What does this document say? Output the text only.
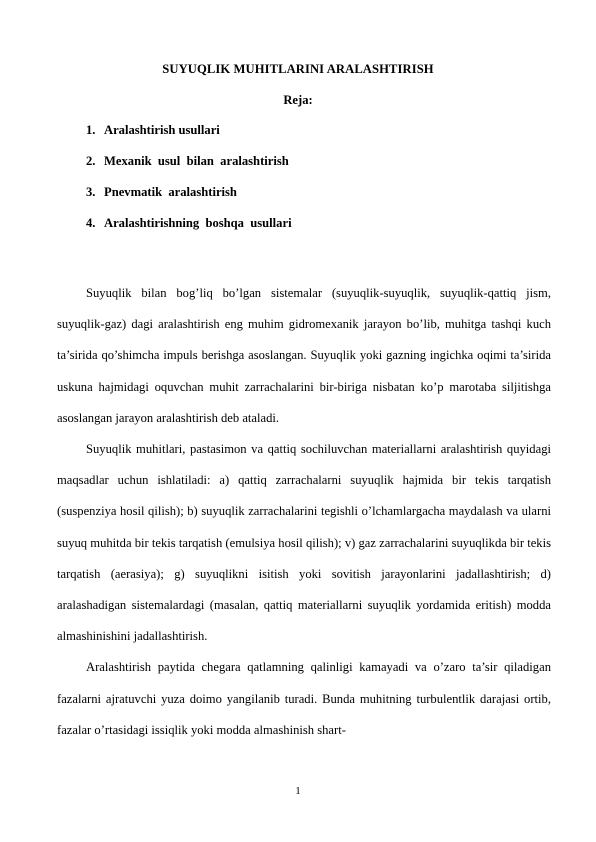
SUYUQLIK MUHITLARINI ARALASHTIRISH
Reja:
1. Aralashtirish usullari
2. Mexanik  usul  bilan  aralashtirish
3. Pnevmatik  aralashtirish
4. Aralashtirishning  boshqa  usullari

Suyuqlik bilan bog’liq bo’lgan sistemalar (suyuqlik-suyuqlik, suyuqlik-qattiq jism, suyuqlik-gaz) dagi aralashtirish eng muhim gidromexanik jarayon bo’lib, muhitga tashqi kuch ta’sirida qo’shimcha impuls berishga asoslangan. Suyuqlik yoki gazning ingichka oqimi ta’sirida uskuna hajmidagi oquvchan muhit zarrachalarini bir-biriga nisbatan ko’p marotaba siljitishga asoslangan jarayon aralashtirish deb ataladi.

Suyuqlik muhitlari, pastasimon va qattiq sochiluvchan materiallarni aralashtirish quyidagi maqsadlar uchun ishlatiladi: a) qattiq zarrachalarni suyuqlik hajmida bir tekis tarqatish (suspenziya hosil qilish); b) suyuqlik zarrachalarini tegishli o’lchamlargacha maydalash va ularni suyuq muhitda bir tekis tarqatish (emulsiya hosil qilish); v) gaz zarrachalarini suyuqlikda bir tekis tarqatish (aerasiya); g) suyuqlikni isitish yoki sovitish jarayonlarini jadallashtirish; d) aralashadigan sistemalardagi (masalan, qattiq materiallarni suyuqlik yordamida eritish) modda almashinishini jadallashtirish.

Aralashtirish paytida chegara qatlamning qalinligi kamayadi va o’zaro ta’sir qiladigan fazalarni ajratuvchi yuza doimo yangilanib turadi. Bunda muhitning turbulentlik darajasi ortib, fazalar o’rtasidagi issiqlik yoki modda almashinish shart-

1
